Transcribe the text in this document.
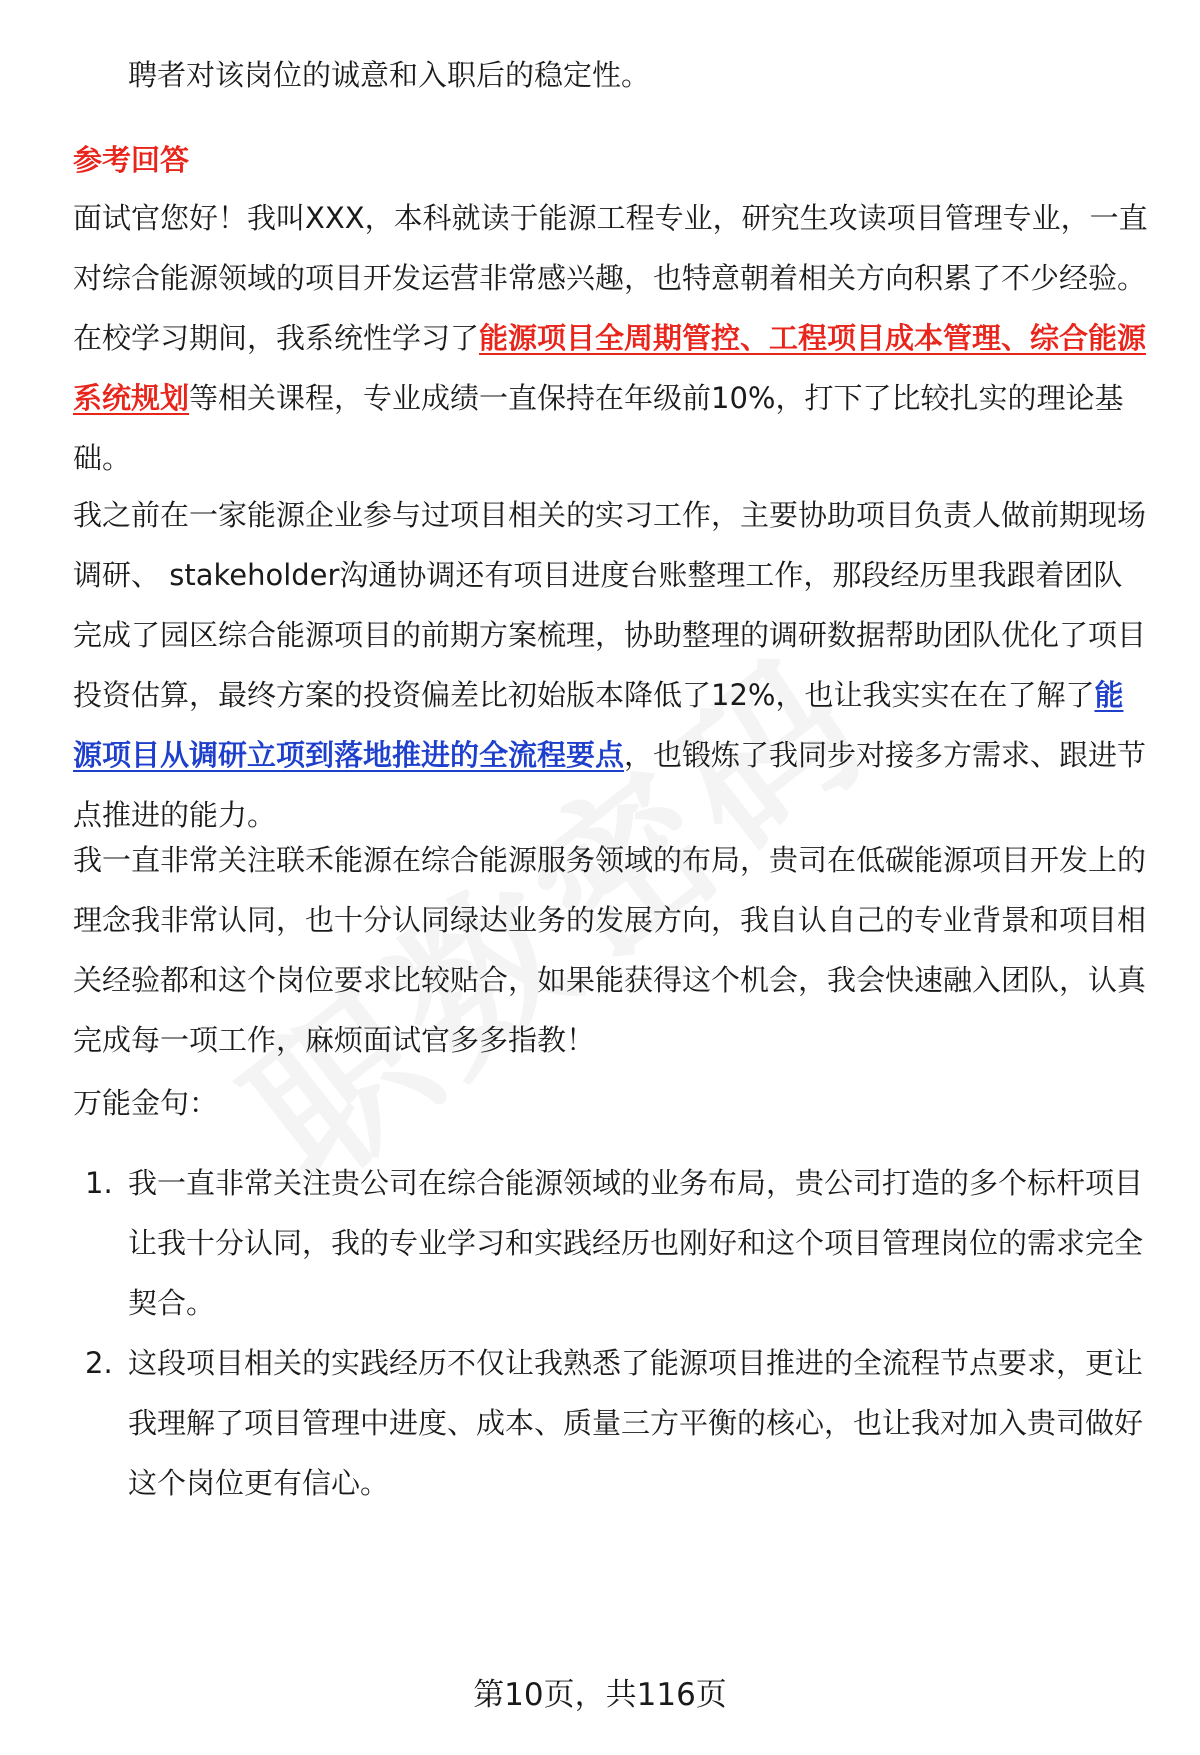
聘者对该岗位的诚意和入职后的稳定性。

参考回答

面试官您好！我叫XXX，本科就读于能源工程专业，研究生攻读项目管理专业，一直对综合能源领域的项目开发运营非常感兴趣，也特意朝着相关方向积累了不少经验。在校学习期间，我系统性学习了能源项目全周期管控、工程项目成本管理、综合能源系统规划等相关课程，专业成绩一直保持在年级前10%，打下了比较扎实的理论基础。

我之前在一家能源企业参与过项目相关的实习工作，主要协助项目负责人做前期现场调研、 stakeholder沟通协调还有项目进度台账整理工作，那段经历里我跟着团队完成了园区综合能源项目的前期方案梳理，协助整理的调研数据帮助团队优化了项目投资估算，最终方案的投资偏差比初始版本降低了12%，也让我实实在在了解了能源项目从调研立项到落地推进的全流程要点，也锻炼了我同步对接多方需求、跟进节点推进的能力。

我一直非常关注联禾能源在综合能源服务领域的布局，贵司在低碳能源项目开发上的理念我非常认同，也十分认同绿达业务的发展方向，我自认自己的专业背景和项目相关经验都和这个岗位要求比较贴合，如果能获得这个机会，我会快速融入团队，认真完成每一项工作，麻烦面试官多多指教！

万能金句：

1. 我一直非常关注贵公司在综合能源领域的业务布局，贵公司打造的多个标杆项目让我十分认同，我的专业学习和实践经历也刚好和这个项目管理岗位的需求完全契合。
2. 这段项目相关的实践经历不仅让我熟悉了能源项目推进的全流程节点要求，更让我理解了项目管理中进度、成本、质量三方平衡的核心，也让我对加入贵司做好这个岗位更有信心。
第10页，共116页
